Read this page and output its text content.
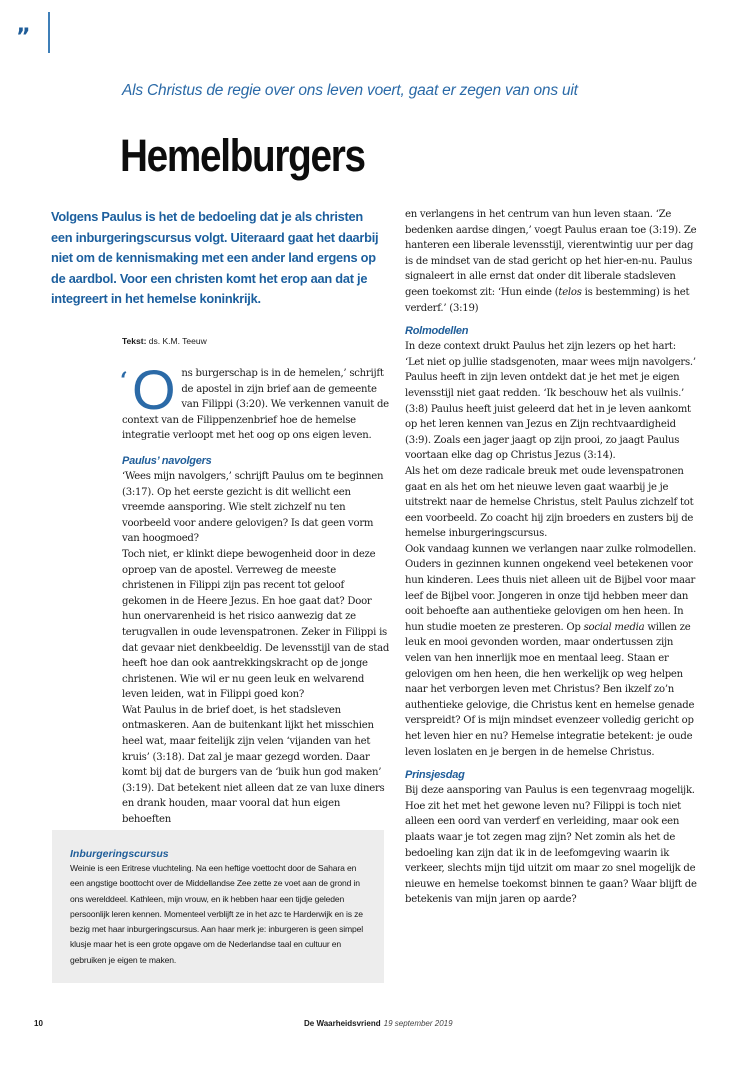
”
Als Christus de regie over ons leven voert, gaat er zegen van ons uit
Hemelburgers
Volgens Paulus is het de bedoeling dat je als christen een inburgeringscursus volgt. Uiteraard gaat het daarbij niet om de kennismaking met een ander land ergens op de aardbol. Voor een christen komt het erop aan dat je integreert in het hemelse koninkrijk.
Tekst: ds. K.M. Teeuw
‘ O ns burgerschap is in de hemelen,’ schrijft de apostel in zijn brief aan de gemeente van Filippi (3:20). We verkennen vanuit de context van de Filippenzenbrief hoe de hemelse integratie verloopt met het oog op ons eigen leven.

Paulus’ navolgers

‘Wees mijn navolgers,’ schrijft Paulus om te beginnen (3:17). Op het eerste gezicht is dit wellicht een vreemde aansporing. Wie stelt zichzelf nu ten voorbeeld voor andere gelovigen? Is dat geen vorm van hoogmoed?

Toch niet, er klinkt diepe bewogenheid door in deze oproep van de apostel. Verreweg de meeste christenen in Filippi zijn pas recent tot geloof gekomen in de Heere Jezus. En hoe gaat dat? Door hun onervarenheid is het risico aanwezig dat ze terugvallen in oude levenspatronen. Zeker in Filippi is dat gevaar niet denkbeeldig. De levensstijl van de stad heeft hoe dan ook aantrekkingskracht op de jonge christenen. Wie wil er nu geen leuk en welvarend leven leiden, wat in Filippi goed kon?

Wat Paulus in de brief doet, is het stadsleven ontmaskeren. Aan de buitenkant lijkt het misschien heel wat, maar feitelijk zijn velen ‘vijanden van het kruis’ (3:18). Dat zal je maar gezegd worden. Daar komt bij dat de burgers van de ‘buik hun god maken’ (3:19). Dat betekent niet alleen dat ze van luxe diners en drank houden, maar vooral dat hun eigen behoeften

en verlangens in het centrum van hun leven staan. ‘Ze bedenken aardse dingen,’ voegt Paulus eraan toe (3:19). Ze hanteren een liberale levensstijl, vierentwintig uur per dag is de mindset van de stad gericht op het hier-en-nu. Paulus signaleert in alle ernst dat onder dit liberale stadsleven geen toekomst zit: ‘Hun einde (telos is bestemming) is het verderf.’ (3:19)

Rolmodellen

In deze context drukt Paulus het zijn lezers op het hart: ‘Let niet op jullie stadsgenoten, maar wees mijn navolgers.’ Paulus heeft in zijn leven ontdekt dat je het met je eigen levensstijl niet gaat redden. ‘Ik beschouw het als vuilnis.’ (3:8) Paulus heeft juist geleerd dat het in je leven aankomt op het leren kennen van Jezus en Zijn rechtvaardigheid (3:9). Zoals een jager jaagt op zijn prooi, zo jaagt Paulus voortaan elke dag op Christus Jezus (3:14).

Als het om deze radicale breuk met oude levenspatronen gaat en als het om het nieuwe leven gaat waarbij je je uitstrekt naar de hemelse Christus, stelt Paulus zichzelf tot een voorbeeld. Zo coacht hij zijn broeders en zusters bij de hemelse inburgeringscursus.

Ook vandaag kunnen we verlangen naar zulke rolmodellen. Ouders in gezinnen kunnen ongekend veel betekenen voor hun kinderen. Lees thuis niet alleen uit de Bijbel voor maar leef de Bijbel voor. Jongeren in onze tijd hebben meer dan ooit behoefte aan authentieke gelovigen om hen heen. In hun studie moeten ze presteren. Op social media willen ze leuk en mooi gevonden worden, maar ondertussen zijn velen van hen innerlijk moe en mentaal leeg. Staan er gelovigen om hen heen, die hen werkelijk op weg helpen naar het verborgen leven met Christus? Ben ikzelf zo’n authentieke gelovige, die Christus kent en hemelse genade verspreidt? Of is mijn mindset evenzeer volledig gericht op het leven hier en nu? Hemelse integratie betekent: je oude leven loslaten en je bergen in de hemelse Christus.

Prinsjesdag

Bij deze aansporing van Paulus is een tegenvraag mogelijk. Hoe zit het met het gewone leven nu? Filippi is toch niet alleen een oord van verderf en verleiding, maar ook een plaats waar je tot zegen mag zijn? Net zomin als het de bedoeling kan zijn dat ik in de leefomgeving waarin ik verkeer, slechts mijn tijd uitzit om maar zo snel mogelijk de nieuwe en hemelse toekomst binnen te gaan? Waar blijft de betekenis van mijn jaren op aarde?

Inburgeringscursus
Weinie is een Eritrese vluchteling. Na een heftige voettocht door de Sahara en een angstige boottocht over de Middellandse Zee zette ze voet aan de grond in ons werelddeel. Kathleen, mijn vrouw, en ik hebben haar een tijdje geleden persoonlijk leren kennen. Momenteel verblijft ze in het azc te Harderwijk en is ze bezig met haar inburgeringscursus. Aan haar merk je: inburgeren is geen simpel klusje maar het is een grote opgave om de Nederlandse taal en cultuur en gebruiken je eigen te maken.
10	De Waarheidsvriend 19 september 2019
